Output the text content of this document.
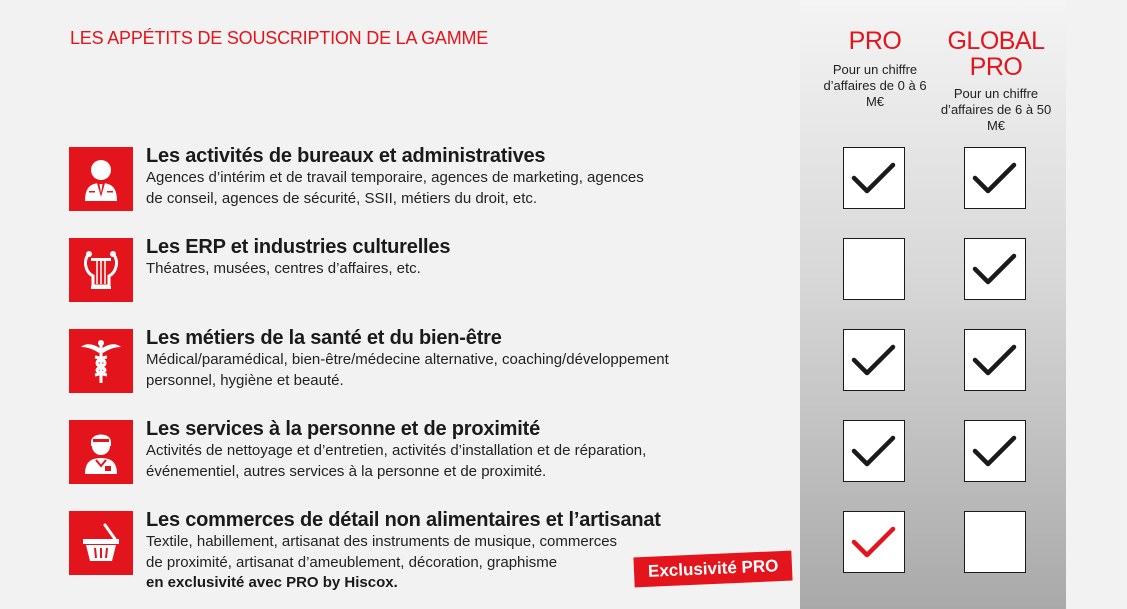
LES APPÉTITS DE SOUSCRIPTION DE LA GAMME	PRO
Pour un chiffre d’affaires de 0 à 6 M€
GLOBAL
PRO
Pour un chiffre d’affaires de 6 à 50 M€
Les activités de bureaux et administratives
Agences d’intérim et de travail temporaire, agences de marketing, agences
de conseil, agences de sécurité, SSII, métiers du droit, etc.
Les ERP et industries culturelles
Théatres, musées, centres d’affaires, etc.
Les métiers de la santé et du bien-être
Médical/paramédical, bien-être/médecine alternative, coaching/développement
personnel, hygiène et beauté.
Les services à la personne et de proximité
Activités de nettoyage et d’entretien, activités d’installation et de réparation,
événementiel, autres services à la personne et de proximité.
Les commerces de détail non alimentaires et l’artisanat
Textile, habillement, artisanat des instruments de musique, commerces
de proximité, artisanat d’ameublement, décoration, graphisme
en exclusivité avec PRO by Hiscox.
Exclusivité PRO
